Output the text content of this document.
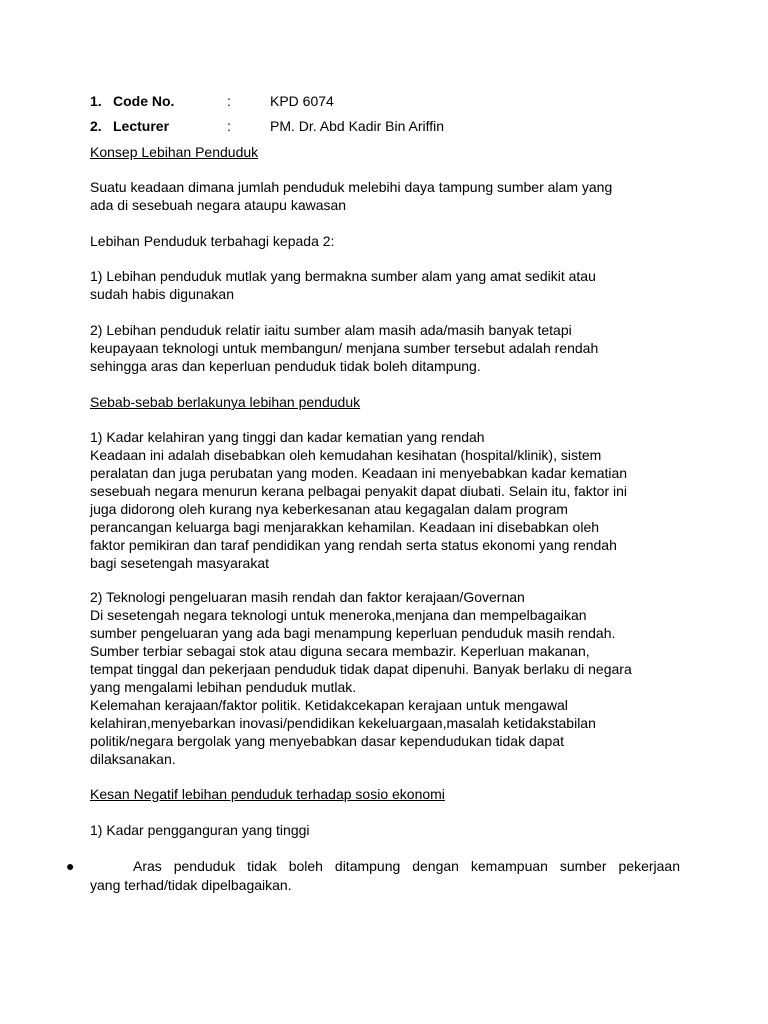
1. Code No.	:	KPD 6074
2. Lecturer	:	PM. Dr. Abd Kadir Bin Ariffin
Konsep Lebihan Penduduk
Suatu keadaan dimana jumlah penduduk melebihi daya tampung sumber alam yang
ada di sesebuah negara ataupu kawasan
Lebihan Penduduk terbahagi kepada 2:
1) Lebihan penduduk mutlak yang bermakna sumber alam yang amat sedikit atau
sudah habis digunakan
2) Lebihan penduduk relatir iaitu sumber alam masih ada/masih banyak tetapi
keupayaan teknologi untuk membangun/ menjana sumber tersebut adalah rendah
sehingga aras dan keperluan penduduk tidak boleh ditampung.
Sebab-sebab berlakunya lebihan penduduk
1) Kadar kelahiran yang tinggi dan kadar kematian yang rendah
Keadaan ini adalah disebabkan oleh kemudahan kesihatan (hospital/klinik), sistem
peralatan dan juga perubatan yang moden. Keadaan ini menyebabkan kadar kematian
sesebuah negara menurun kerana pelbagai penyakit dapat diubati. Selain itu, faktor ini
juga didorong oleh kurang nya keberkesanan atau kegagalan dalam program
perancangan keluarga bagi menjarakkan kehamilan. Keadaan ini disebabkan oleh
faktor pemikiran dan taraf pendidikan yang rendah serta status ekonomi yang rendah
bagi sesetengah masyarakat
2) Teknologi pengeluaran masih rendah dan faktor kerajaan/Governan
Di sesetengah negara teknologi untuk meneroka,menjana dan mempelbagaikan
sumber pengeluaran yang ada bagi menampung keperluan penduduk masih rendah.
Sumber terbiar sebagai stok atau diguna secara membazir. Keperluan makanan,
tempat tinggal dan pekerjaan penduduk tidak dapat dipenuhi. Banyak berlaku di negara
yang mengalami lebihan penduduk mutlak.
Kelemahan kerajaan/faktor politik. Ketidakcekapan kerajaan untuk mengawal
kelahiran,menyebarkan inovasi/pendidikan kekeluargaan,masalah ketidakstabilan
politik/negara bergolak yang menyebabkan dasar kependudukan tidak dapat
dilaksanakan.
Kesan Negatif lebihan penduduk terhadap sosio ekonomi
1) Kadar pengganguran yang tinggi
●	Aras penduduk tidak boleh ditampung dengan kemampuan sumber pekerjaan
yang terhad/tidak dipelbagaikan.
